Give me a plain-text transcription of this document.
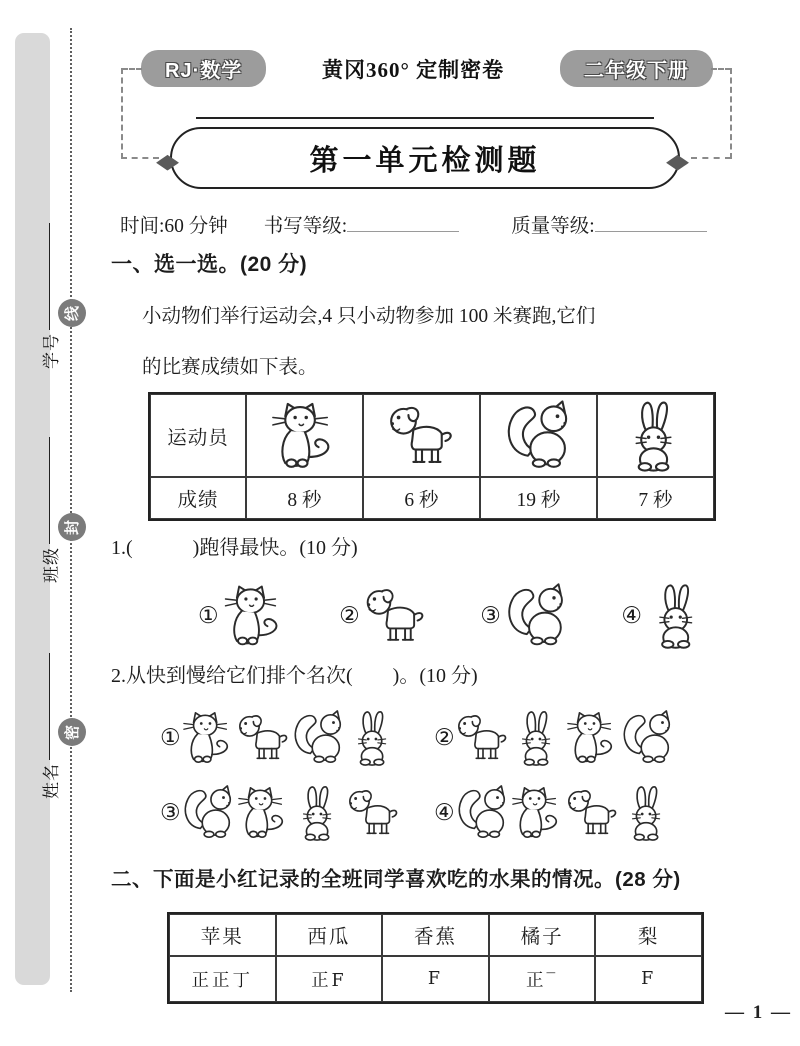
学号
班级
姓名
线
封
密
RJ·数学	黄冈360° 定制密卷	二年级下册
第一单元检测题
◆	◆
时间:60 分钟 书写等级:	质量等级:
一、选一选。(20 分)
小动物们举行运动会,4 只小动物参加 100 米赛跑,它们
的比赛成绩如下表。
运动员
成绩	8 秒	6 秒	19 秒	7 秒
1.(　　　)跑得最快。(10 分)
①	②	③	④
2.从快到慢给它们排个名次(　　)。(10 分)
①	②
③	④
二、下面是小红记录的全班同学喜欢吃的水果的情况。(28 分)
苹果	西瓜	香蕉	橘子	梨
正正丁	正F	F	正‾	F
— 1 —
